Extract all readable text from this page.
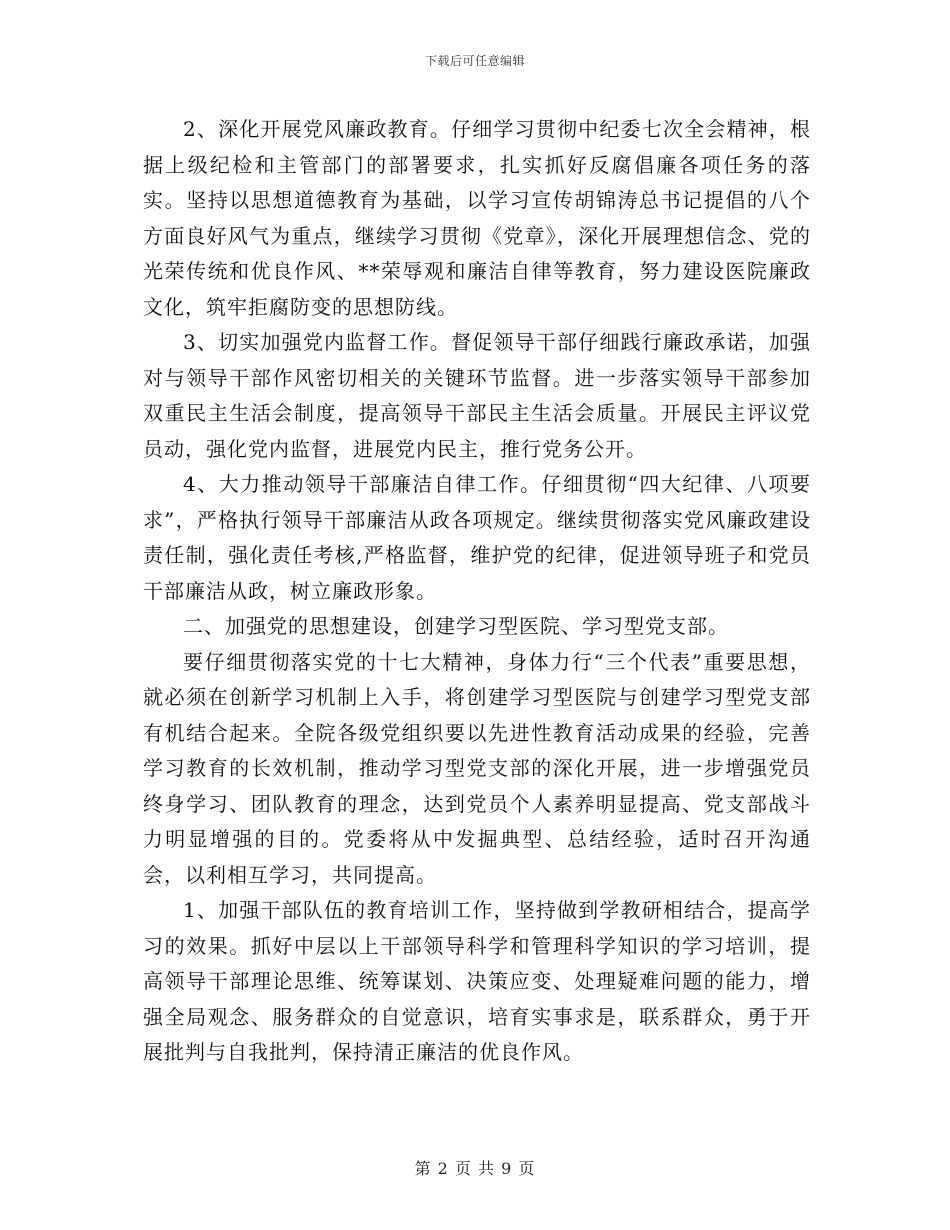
下载后可任意编辑

2、深化开展党风廉政教育。仔细学习贯彻中纪委七次全会精神，根据上级纪检和主管部门的部署要求，扎实抓好反腐倡廉各项任务的落实。坚持以思想道德教育为基础，以学习宣传胡锦涛总书记提倡的八个方面良好风气为重点，继续学习贯彻《党章》，深化开展理想信念、党的光荣传统和优良作风、**荣辱观和廉洁自律等教育，努力建设医院廉政文化，筑牢拒腐防变的思想防线。

3、切实加强党内监督工作。督促领导干部仔细践行廉政承诺，加强对与领导干部作风密切相关的关键环节监督。进一步落实领导干部参加双重民主生活会制度，提高领导干部民主生活会质量。开展民主评议党员动，强化党内监督，进展党内民主，推行党务公开。

4、大力推动领导干部廉洁自律工作。仔细贯彻“四大纪律、八项要求”，严格执行领导干部廉洁从政各项规定。继续贯彻落实党风廉政建设责任制，强化责任考核,严格监督，维护党的纪律，促进领导班子和党员干部廉洁从政，树立廉政形象。

二、加强党的思想建设，创建学习型医院、学习型党支部。

要仔细贯彻落实党的十七大精神，身体力行“三个代表”重要思想，就必须在创新学习机制上入手，将创建学习型医院与创建学习型党支部有机结合起来。全院各级党组织要以先进性教育活动成果的经验，完善学习教育的长效机制，推动学习型党支部的深化开展，进一步增强党员终身学习、团队教育的理念，达到党员个人素养明显提高、党支部战斗力明显增强的目的。党委将从中发掘典型、总结经验，适时召开沟通会，以利相互学习，共同提高。

1、加强干部队伍的教育培训工作，坚持做到学教研相结合，提高学习的效果。抓好中层以上干部领导科学和管理科学知识的学习培训，提高领导干部理论思维、统筹谋划、决策应变、处理疑难问题的能力，增强全局观念、服务群众的自觉意识，培育实事求是，联系群众，勇于开展批判与自我批判，保持清正廉洁的优良作风。

第 2 页 共 9 页
